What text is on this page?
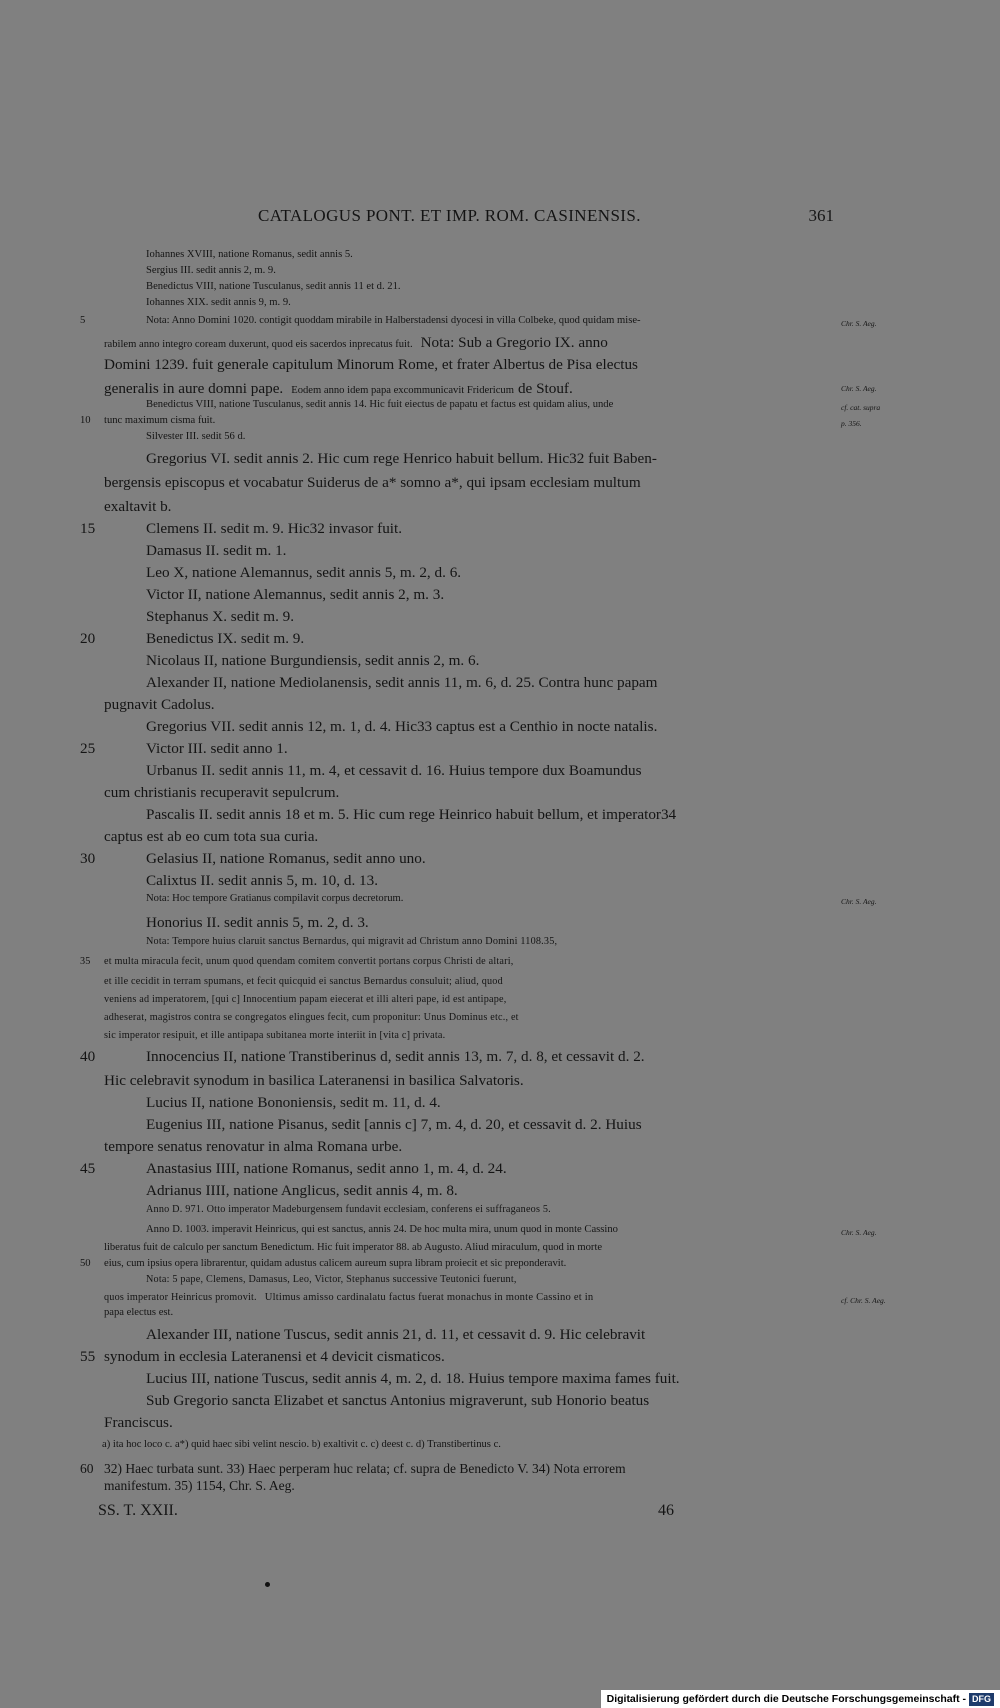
CATALOGUS PONT. ET IMP. ROM. CASINENSIS.	361
Iohannes XVIII, natione Romanus, sedit annis 5.
Sergius III. sedit annis 2, m. 9.
Benedictus VIII, natione Tusculanus, sedit annis 11 et d. 21.
Iohannes XIX. sedit annis 9, m. 9.
5	Nota: Anno Domini 1020. contigit quoddam mirabile in Halberstadensi dyocesi in villa Colbeke, quod quidam mise-
rabilem anno integro coream duxerunt, quod eis sacerdos inprecatus fuit. Nota: Sub a Gregorio IX. anno
Domini 1239. fuit generale capitulum Minorum Rome, et frater Albertus de Pisa electus
generalis in aure domni pape. Eodem anno idem papa excommunicavit Fridericum de Stouf.
Benedictus VIII, natione Tusculanus, sedit annis 14. Hic fuit eiectus de papatu et factus est quidam alius, unde
10 tunc maximum cisma fuit.
Silvester III. sedit 56 d.
Gregorius VI. sedit annis 2. Hic cum rege Henrico habuit bellum. Hic32 fuit Baben-
bergensis episcopus et vocabatur Suiderus de a* somno a*, qui ipsam ecclesiam multum
exaltavit b.
15	Clemens II. sedit m. 9. Hic32 invasor fuit.
Damasus II. sedit m. 1.
Leo X, natione Alemannus, sedit annis 5, m. 2, d. 6.
Victor II, natione Alemannus, sedit annis 2, m. 3.
Stephanus X. sedit m. 9.
20	Benedictus IX. sedit m. 9.
Nicolaus II, natione Burgundiensis, sedit annis 2, m. 6.
Alexander II, natione Mediolanensis, sedit annis 11, m. 6, d. 25. Contra hunc papam
pugnavit Cadolus.
Gregorius VII. sedit annis 12, m. 1, d. 4. Hic33 captus est a Centhio in nocte natalis.
25	Victor III. sedit anno 1.
Urbanus II. sedit annis 11, m. 4, et cessavit d. 16. Huius tempore dux Boamundus
cum christianis recuperavit sepulcrum.
Pascalis II. sedit annis 18 et m. 5. Hic cum rege Heinrico habuit bellum, et imperator34
captus est ab eo cum tota sua curia.
30	Gelasius II, natione Romanus, sedit anno uno.
Calixtus II. sedit annis 5, m. 10, d. 13.
Nota: Hoc tempore Gratianus compilavit corpus decretorum.
Honorius II. sedit annis 5, m. 2, d. 3.
Nota: Tempore huius claruit sanctus Bernardus, qui migravit ad Christum anno Domini 1108.35,
35 et multa miracula fecit, unum quod quendam comitem convertit portans corpus Christi de altari,
et ille cecidit in terram spumans, et fecit quicquid ei sanctus Bernardus consuluit; aliud, quod
veniens ad imperatorem, [qui c] Innocentium papam eiecerat et illi alteri pape, id est antipape,
adheserat, magistros contra se congregatos elingues fecit, cum proponitur: Unus Dominus etc., et
sic imperator resipuit, et ille antipapa subitanea morte interiit in [vita c] privata.
40	Innocencius II, natione Transtiberinus d, sedit annis 13, m. 7, d. 8, et cessavit d. 2.
Hic celebravit synodum in basilica Lateranensi in basilica Salvatoris.
Lucius II, natione Bononiensis, sedit m. 11, d. 4.
Eugenius III, natione Pisanus, sedit [annis c] 7, m. 4, d. 20, et cessavit d. 2. Huius
tempore senatus renovatur in alma Romana urbe.
45	Anastasius IIII, natione Romanus, sedit anno 1, m. 4, d. 24.
Adrianus IIII, natione Anglicus, sedit annis 4, m. 8.
Anno D. 971. Otto imperator Madeburgensem fundavit ecclesiam, conferens ei suffraganeos 5.
Anno D. 1003. imperavit Heinricus, qui est sanctus, annis 24. De hoc multa mira, unum quod in monte Cassino
liberatus fuit de calculo per sanctum Benedictum. Hic fuit imperator 88. ab Augusto. Aliud miraculum, quod in morte
50 eius, cum ipsius opera librarentur, quidam adustus calicem aureum supra libram proiecit et sic preponderavit.
Nota: 5 pape, Clemens, Damasus, Leo, Victor, Stephanus successive Teutonici fuerunt,
quos imperator Heinricus promovit. Ultimus amisso cardinalatu factus fuerat monachus in monte Cassino et in
papa electus est.
Alexander III, natione Tuscus, sedit annis 21, d. 11, et cessavit d. 9. Hic celebravit
55 synodum in ecclesia Lateranensi et 4 devicit cismaticos.
Lucius III, natione Tuscus, sedit annis 4, m. 2, d. 18. Huius tempore maxima fames fuit.
Sub Gregorio sancta Elizabet et sanctus Antonius migraverunt, sub Honorio beatus
Franciscus.
Chr. S. Aeg.
Chr. S. Aeg.
cf. cat. supra
p. 356.
Chr. S. Aeg.
Chr. S. Aeg.
cf. Chr. S. Aeg.
a) ita hoc loco c. a*) quid haec sibi velint nescio. b) exaltivit c. c) deest c. d) Transtibertinus c.
60 32) Haec turbata sunt. 33) Haec perperam huc relata; cf. supra de Benedicto V. 34) Nota errorem
manifestum. 35) 1154, Chr. S. Aeg.
SS. T. XXII.	46
Digitalisierung gefördert durch die Deutsche Forschungsgemeinschaft - DFG
